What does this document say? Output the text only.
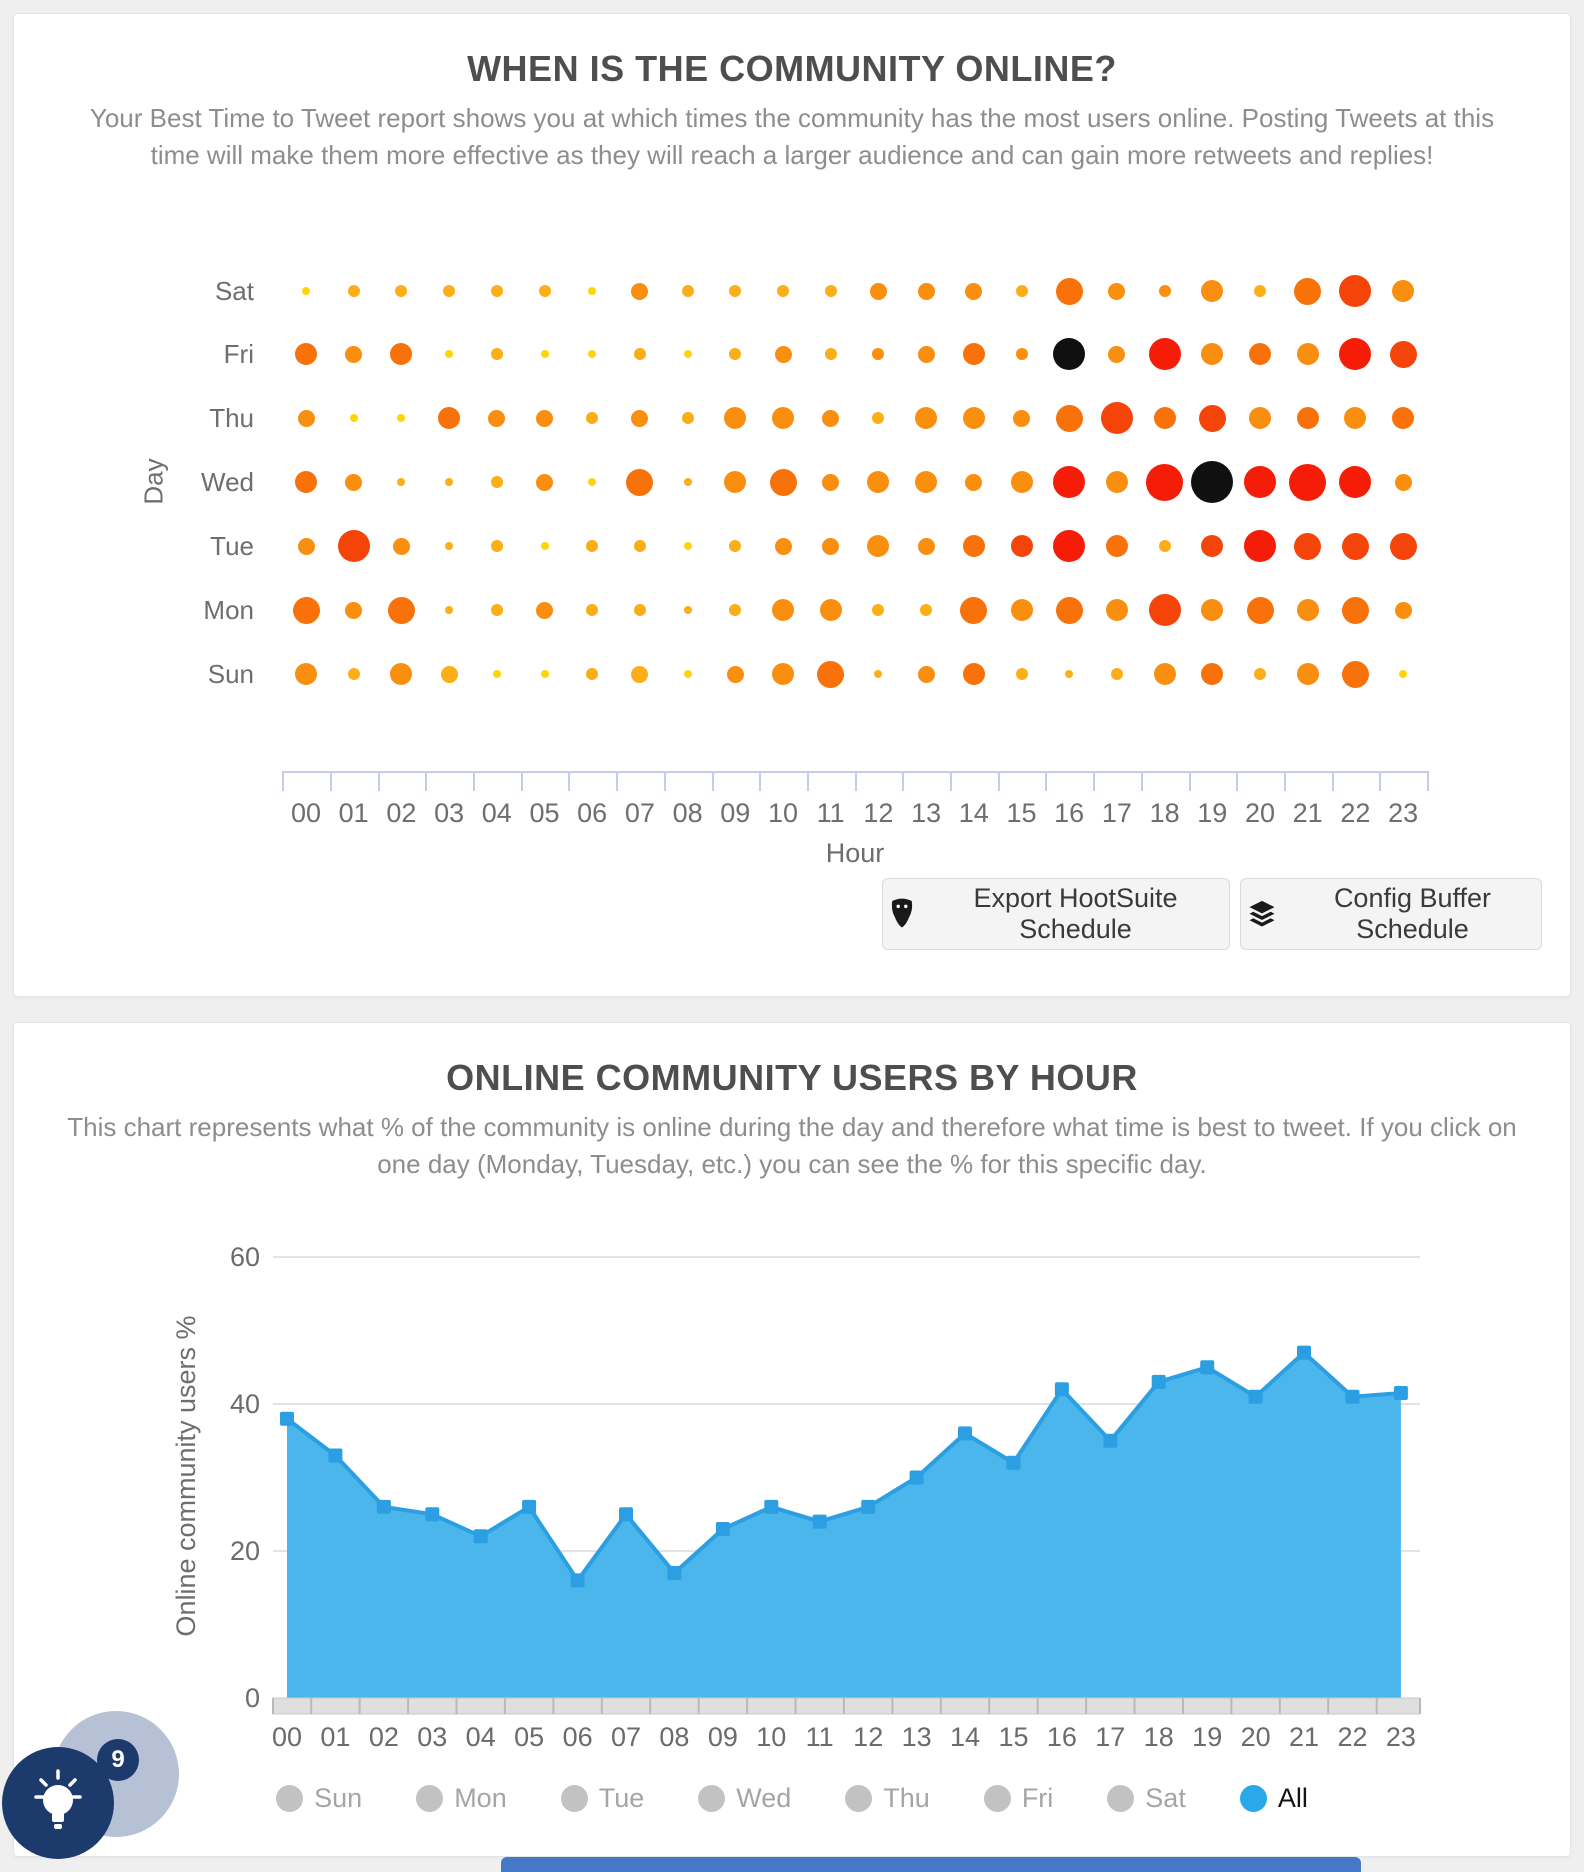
WHEN IS THE COMMUNITY ONLINE?

Your Best Time to Tweet report shows you at which times the community has the most users online. Posting Tweets at this time will make them more effective as they will reach a larger audience and can gain more retweets and replies!

Day
Sat
Fri
Thu
Wed
Tue
Mon
Sun
00 01 02 03 04 05 06 07 08 09 10 11 12 13 14 15 16 17 18 19 20 21 22 23
Hour
Export HootSuite Schedule
Config Buffer Schedule
ONLINE COMMUNITY USERS BY HOUR

This chart represents what % of the community is online during the day and therefore what time is best to tweet. If you click on one day (Monday, Tuesday, etc.) you can see the % for this specific day.

Online community users %
0
20
40
60
00 01 02 03 04 05 06 07 08 09 10 11 12 13 14 15 16 17 18 19 20 21 22 23
Sun	Mon	Tue	Wed	Thu	Fri	Sat	All
9
